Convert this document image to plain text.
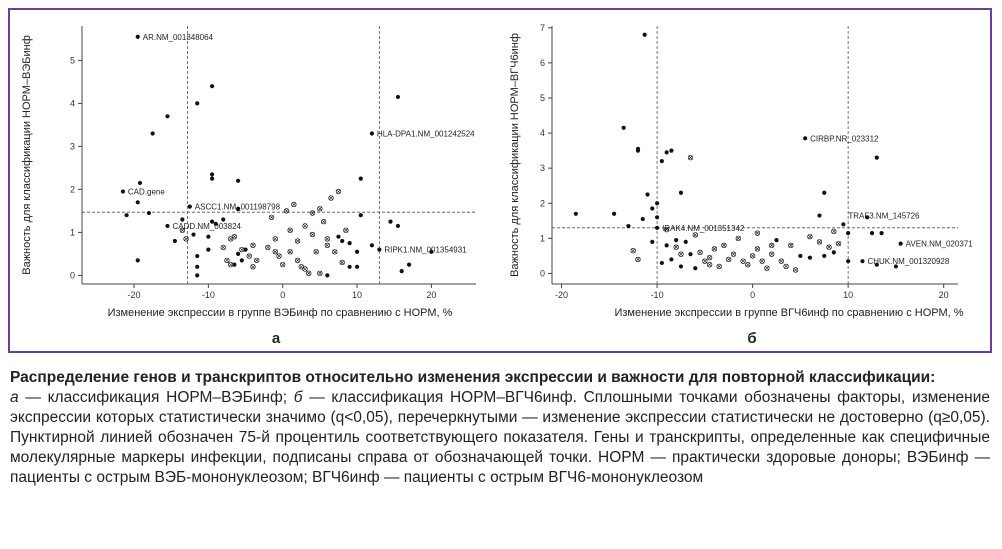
-20	-10	0	10	20
0
1
2
3
4
5
AR.NM_001348064
HLA-DPA1.NM_001242524
CAD.gene
ASCC1.NM_001198798
CADD.NM_003824
RIPK1.NM_001354931
Изменение экспрессии в группе ВЭБинф по сравнению с НОРМ, %
Важность для классификации НОРМ–ВЭБинф
-20	-10	0	10	20
0
1
2
3
4
5
6
7
CIRBP.NR_023312
TRAF3.NM_145726
IRAK4.NM_001351342
AVEN.NM_020371
CHUK.NM_001320928
Изменение экспрессии в группе ВГЧ6инф по сравнению с НОРМ, %
Важность для классификации НОРМ–ВГЧ6инф
а	б
Распределение генов и транскриптов относительно изменения экспрессии и важности для повторной классификации:
а — классификация НОРМ–ВЭБинф; б — классификация НОРМ–ВГЧ6инф. Сплошными точками обозначены факторы, изменение экспрессии которых статистически значимо (q<0,05), перечеркнутыми — изменение экспрессии статистически не достоверно (q≥0,05). Пунктирной линией обозначен 75-й процентиль соответствующего показателя. Гены и транскрипты, определенные как специфичные молекулярные маркеры инфекции, подписаны справа от обозначающей точки. НОРМ — практически здоровые доноры; ВЭБинф — пациенты с острым ВЭБ-мононуклеозом; ВГЧ6инф — пациенты с острым ВГЧ6-мононуклеозом
